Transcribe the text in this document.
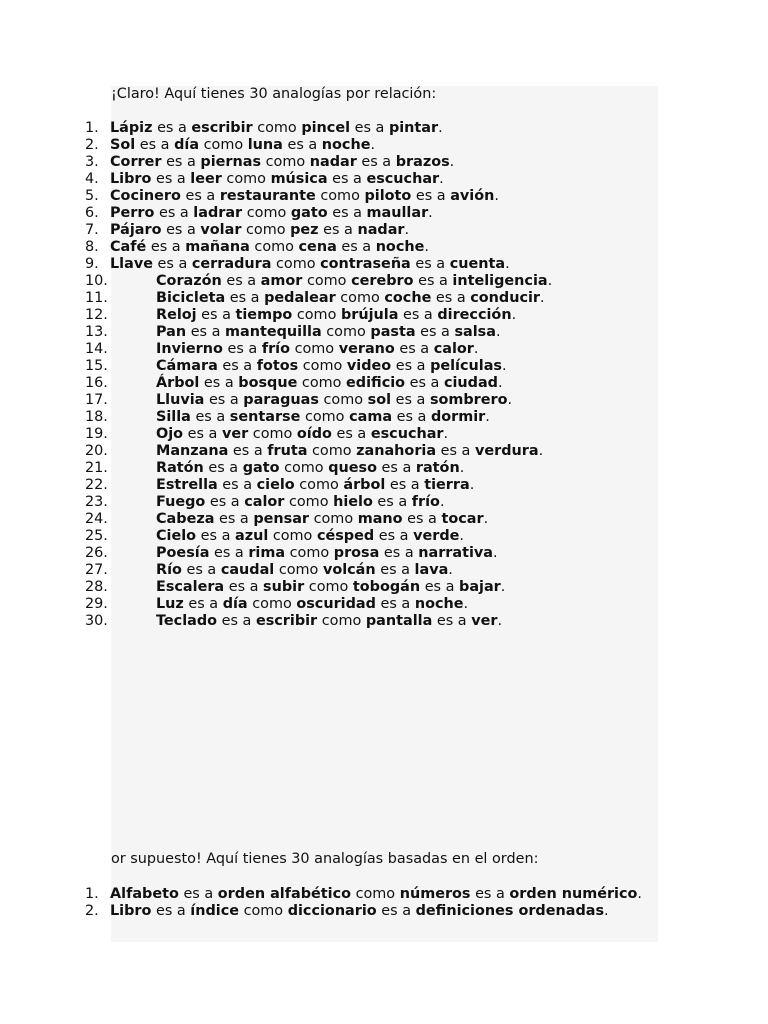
¡Claro! Aquí tienes 30 analogías por relación:
1. Lápiz es a escribir como pincel es a pintar.
2. Sol es a día como luna es a noche.
3. Correr es a piernas como nadar es a brazos.
4. Libro es a leer como música es a escuchar.
5. Cocinero es a restaurante como piloto es a avión.
6. Perro es a ladrar como gato es a maullar.
7. Pájaro es a volar como pez es a nadar.
8. Café es a mañana como cena es a noche.
9. Llave es a cerradura como contraseña es a cuenta.
10.	Corazón es a amor como cerebro es a inteligencia.
11.	Bicicleta es a pedalear como coche es a conducir.
12.	Reloj es a tiempo como brújula es a dirección.
13.	Pan es a mantequilla como pasta es a salsa.
14.	Invierno es a frío como verano es a calor.
15.	Cámara es a fotos como video es a películas.
16.	Árbol es a bosque como edificio es a ciudad.
17.	Lluvia es a paraguas como sol es a sombrero.
18.	Silla es a sentarse como cama es a dormir.
19.	Ojo es a ver como oído es a escuchar.
20.	Manzana es a fruta como zanahoria es a verdura.
21.	Ratón es a gato como queso es a ratón.
22.	Estrella es a cielo como árbol es a tierra.
23.	Fuego es a calor como hielo es a frío.
24.	Cabeza es a pensar como mano es a tocar.
25.	Cielo es a azul como césped es a verde.
26.	Poesía es a rima como prosa es a narrativa.
27.	Río es a caudal como volcán es a lava.
28.	Escalera es a subir como tobogán es a bajar.
29.	Luz es a día como oscuridad es a noche.
30.	Teclado es a escribir como pantalla es a ver.
or supuesto! Aquí tienes 30 analogías basadas en el orden:
1. Alfabeto es a orden alfabético como números es a orden numérico.
2. Libro es a índice como diccionario es a definiciones ordenadas.
